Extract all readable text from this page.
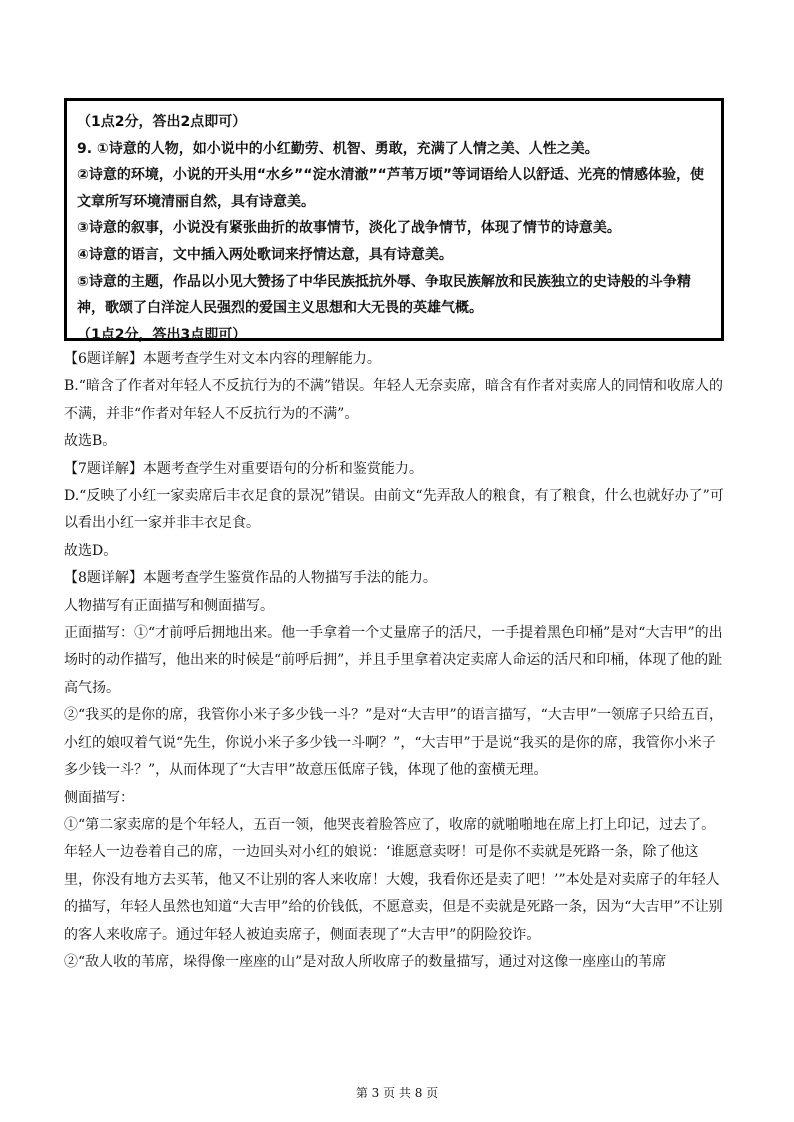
（1点2分，答出2点即可）

9. ①诗意的人物，如小说中的小红勤劳、机智、勇敢，充满了人情之美、人性之美。

②诗意的环境，小说的开头用“水乡”“淀水清澈”“芦苇万顷”等词语给人以舒适、光亮的情感体验，使文章所写环境清丽自然，具有诗意美。

③诗意的叙事，小说没有紧张曲折的故事情节，淡化了战争情节，体现了情节的诗意美。

④诗意的语言，文中插入两处歌词来抒情达意，具有诗意美。

⑤诗意的主题，作品以小见大赞扬了中华民族抵抗外辱、争取民族解放和民族独立的史诗般的斗争精神，歌颂了白洋淀人民强烈的爱国主义思想和大无畏的英雄气概。

（1点2分，答出3点即可）

【6题详解】本题考查学生对文本内容的理解能力。

B.“暗含了作者对年轻人不反抗行为的不满”错误。年轻人无奈卖席，暗含有作者对卖席人的同情和收席人的不满，并非“作者对年轻人不反抗行为的不满”。

故选B。

【7题详解】本题考查学生对重要语句的分析和鉴赏能力。

D.“反映了小红一家卖席后丰衣足食的景况”错误。由前文“先弄敌人的粮食，有了粮食，什么也就好办了”可以看出小红一家并非丰衣足食。

故选D。

【8题详解】本题考查学生鉴赏作品的人物描写手法的能力。

人物描写有正面描写和侧面描写。

正面描写：①“才前呼后拥地出来。他一手拿着一个丈量席子的活尺，一手提着黑色印桶”是对“大吉甲”的出场时的动作描写，他出来的时候是“前呼后拥”，并且手里拿着决定卖席人命运的活尺和印桶，体现了他的趾高气扬。

②“我买的是你的席，我管你小米子多少钱一斗？”是对“大吉甲”的语言描写，“大吉甲”一领席子只给五百，小红的娘叹着气说“先生，你说小米子多少钱一斗啊？”，“大吉甲”于是说“我买的是你的席，我管你小米子多少钱一斗？”，从而体现了“大吉甲”故意压低席子钱，体现了他的蛮横无理。

侧面描写：

①“第二家卖席的是个年轻人，五百一领，他哭丧着脸答应了，收席的就啪啪地在席上打上印记，过去了。年轻人一边卷着自己的席，一边回头对小红的娘说：‘谁愿意卖呀！可是你不卖就是死路一条，除了他这里，你没有地方去买苇，他又不让别的客人来收席！大嫂，我看你还是卖了吧！’”本处是对卖席子的年轻人的描写，年轻人虽然也知道“大吉甲”给的价钱低，不愿意卖，但是不卖就是死路一条，因为“大吉甲”不让别的客人来收席子。通过年轻人被迫卖席子，侧面表现了“大吉甲”的阴险狡诈。

②“敌人收的苇席，垛得像一座座的山”是对敌人所收席子的数量描写，通过对这像一座座山的苇席

第 3 页 共 8 页
